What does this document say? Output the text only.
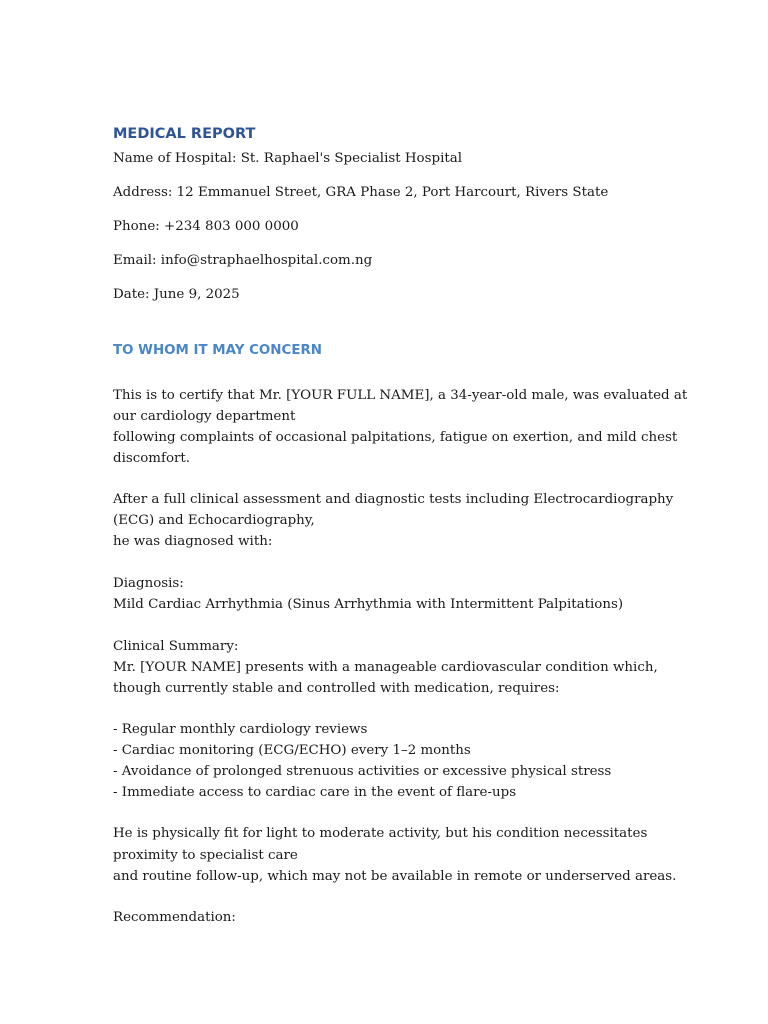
MEDICAL REPORT

Name of Hospital: St. Raphael's Specialist Hospital

Address: 12 Emmanuel Street, GRA Phase 2, Port Harcourt, Rivers State

Phone: +234 803 000 0000

Email: info@straphaelhospital.com.ng

Date: June 9, 2025

TO WHOM IT MAY CONCERN

This is to certify that Mr. [YOUR FULL NAME], a 34-year-old male, was evaluated at

our cardiology department

following complaints of occasional palpitations, fatigue on exertion, and mild chest

discomfort.

After a full clinical assessment and diagnostic tests including Electrocardiography

(ECG) and Echocardiography,

he was diagnosed with:

Diagnosis:

Mild Cardiac Arrhythmia (Sinus Arrhythmia with Intermittent Palpitations)

Clinical Summary:

Mr. [YOUR NAME] presents with a manageable cardiovascular condition which,

though currently stable and controlled with medication, requires:

- Regular monthly cardiology reviews

- Cardiac monitoring (ECG/ECHO) every 1–2 months

- Avoidance of prolonged strenuous activities or excessive physical stress

- Immediate access to cardiac care in the event of flare-ups

He is physically fit for light to moderate activity, but his condition necessitates

proximity to specialist care

and routine follow-up, which may not be available in remote or underserved areas.

Recommendation:
